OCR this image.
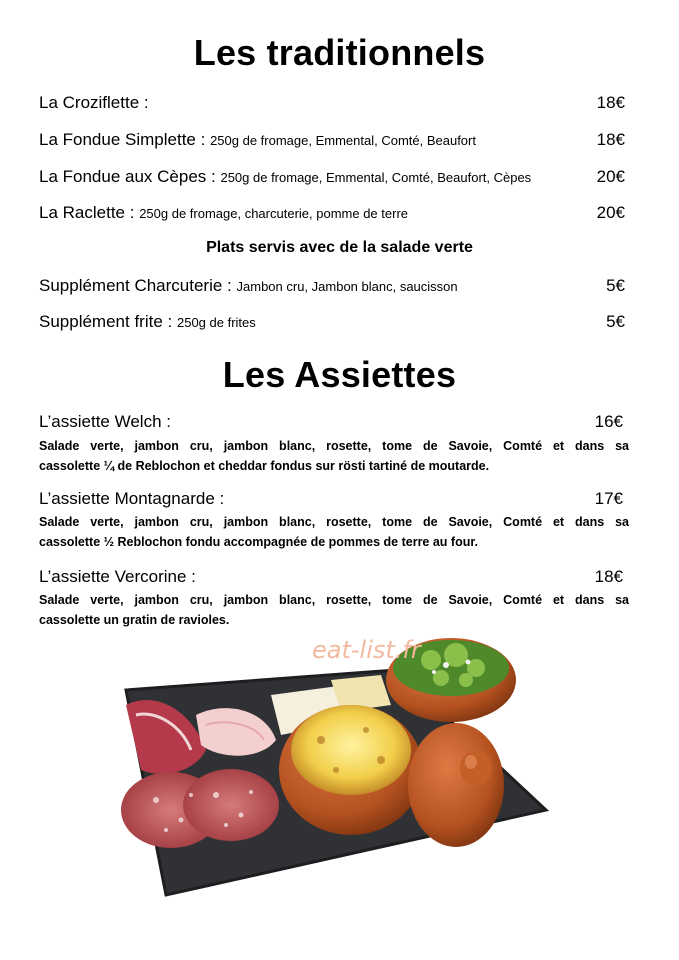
Les traditionnels
La Croziflette :	18€
La Fondue Simplette : 250g de fromage, Emmental, Comté, Beaufort	18€
La Fondue aux Cèpes : 250g de fromage, Emmental, Comté, Beaufort, Cèpes	20€
La Raclette : 250g de fromage, charcuterie, pomme de terre	20€
Plats servis avec de la salade verte
Supplément Charcuterie : Jambon cru, Jambon blanc, saucisson	5€
Supplément frite : 250g de frites	5€
Les Assiettes
L’assiette Welch :	16€
Salade verte, jambon cru, jambon blanc, rosette, tome de Savoie, Comté et dans sa
cassolette ¼ de Reblochon et cheddar fondus sur rösti tartiné de moutarde.
L’assiette Montagnarde :	17€
Salade verte, jambon cru, jambon blanc, rosette, tome de Savoie, Comté et dans sa
cassolette ½ Reblochon fondu accompagnée de pommes de terre au four.
L’assiette Vercorine :	18€
Salade verte, jambon cru, jambon blanc, rosette, tome de Savoie, Comté et dans sa
cassolette un gratin de ravioles.
eat-list.fr
